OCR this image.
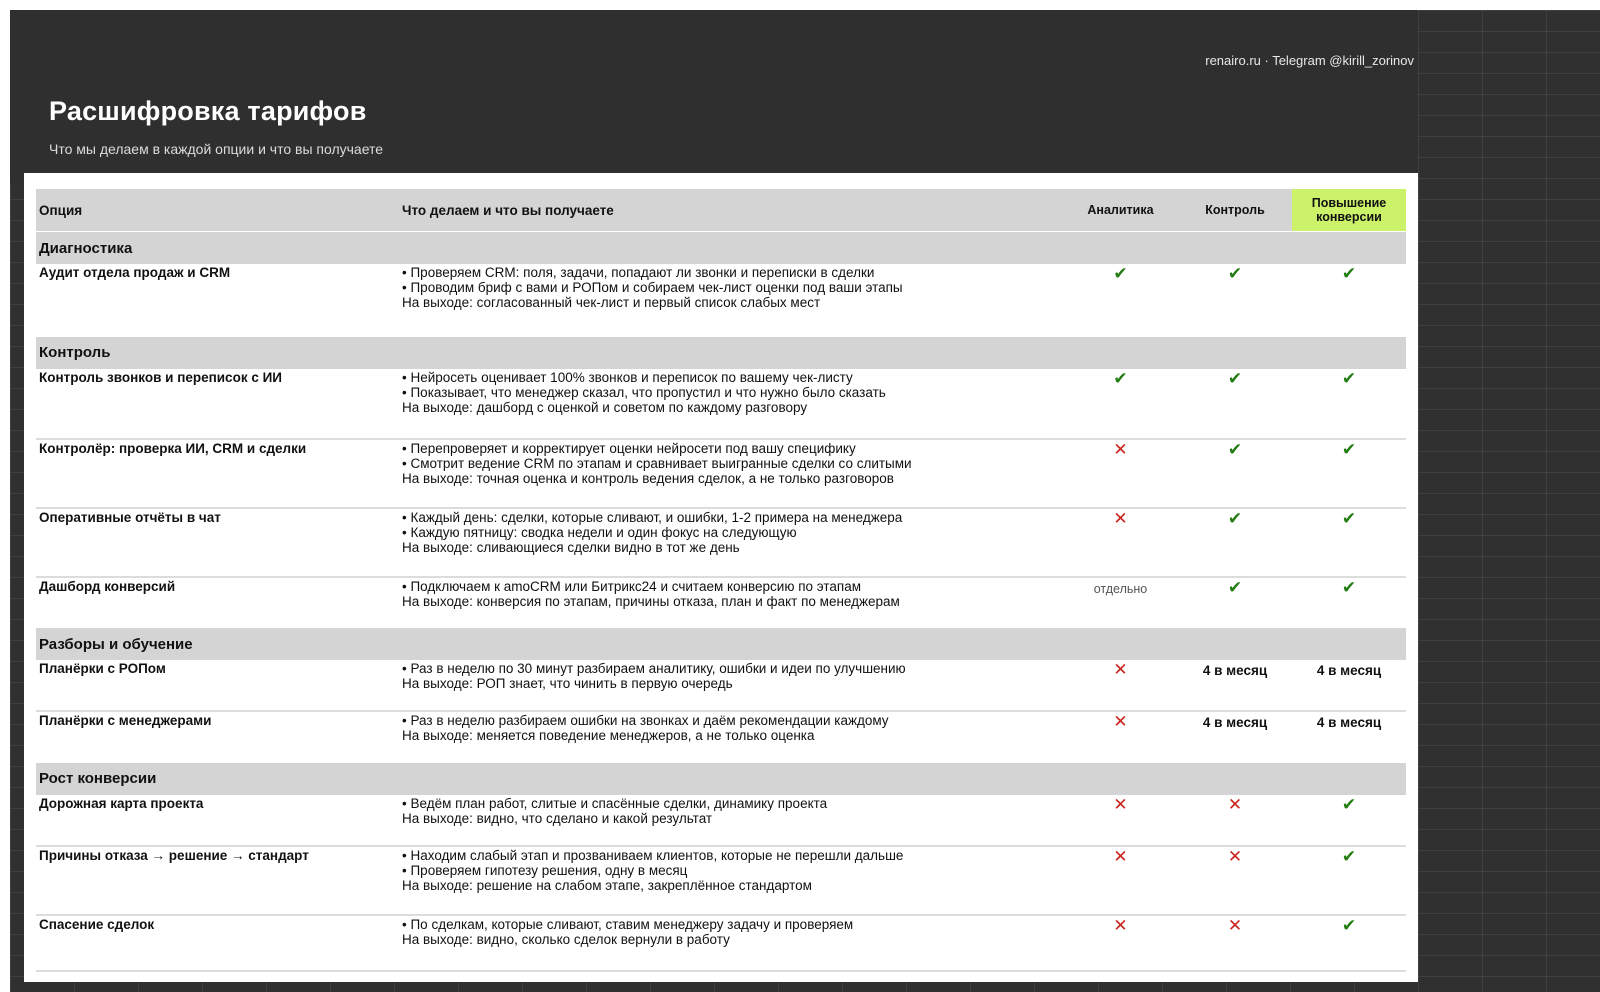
renairo.ru · Telegram @kirill_zorinov
Расшифровка тарифов

Что мы делаем в каждой опции и что вы получаете

Опция	Что делаем и что вы получаете	Аналитика	Контроль	Повышение конверсии
Диагностика				
Аудит отдела продаж и CRM	• Проверяем CRM: поля, задачи, попадают ли звонки и переписки в сделки
• Проводим бриф с вами и РОПом и собираем чек-лист оценки под ваши этапы
На выходе: согласованный чек-лист и первый список слабых мест	✔	✔	✔
Контроль				
Контроль звонков и переписок с ИИ	• Нейросеть оценивает 100% звонков и переписок по вашему чек-листу
• Показывает, что менеджер сказал, что пропустил и что нужно было сказать
На выходе: дашборд с оценкой и советом по каждому разговору	✔	✔	✔
Контролёр: проверка ИИ, CRM и сделки	• Перепроверяет и корректирует оценки нейросети под вашу специфику
• Смотрит ведение CRM по этапам и сравнивает выигранные сделки со слитыми
На выходе: точная оценка и контроль ведения сделок, а не только разговоров	✕	✔	✔
Оперативные отчёты в чат	• Каждый день: сделки, которые сливают, и ошибки, 1-2 примера на менеджера
• Каждую пятницу: сводка недели и один фокус на следующую
На выходе: сливающиеся сделки видно в тот же день	✕	✔	✔
Дашборд конверсий	• Подключаем к amoCRM или Битрикс24 и считаем конверсию по этапам
На выходе: конверсия по этапам, причины отказа, план и факт по менеджерам	отдельно	✔	✔
Разборы и обучение				
Планёрки с РОПом	• Раз в неделю по 30 минут разбираем аналитику, ошибки и идеи по улучшению
На выходе: РОП знает, что чинить в первую очередь	✕	4 в месяц	4 в месяц
Планёрки с менеджерами	• Раз в неделю разбираем ошибки на звонках и даём рекомендации каждому
На выходе: меняется поведение менеджеров, а не только оценка	✕	4 в месяц	4 в месяц
Рост конверсии				
Дорожная карта проекта	• Ведём план работ, слитые и спасённые сделки, динамику проекта
На выходе: видно, что сделано и какой результат	✕	✕	✔
Причины отказа → решение → стандарт	• Находим слабый этап и прозваниваем клиентов, которые не перешли дальше
• Проверяем гипотезу решения, одну в месяц
На выходе: решение на слабом этапе, закреплённое стандартом	✕	✕	✔
Спасение сделок	• По сделкам, которые сливают, ставим менеджеру задачу и проверяем
На выходе: видно, сколько сделок вернули в работу	✕	✕	✔
